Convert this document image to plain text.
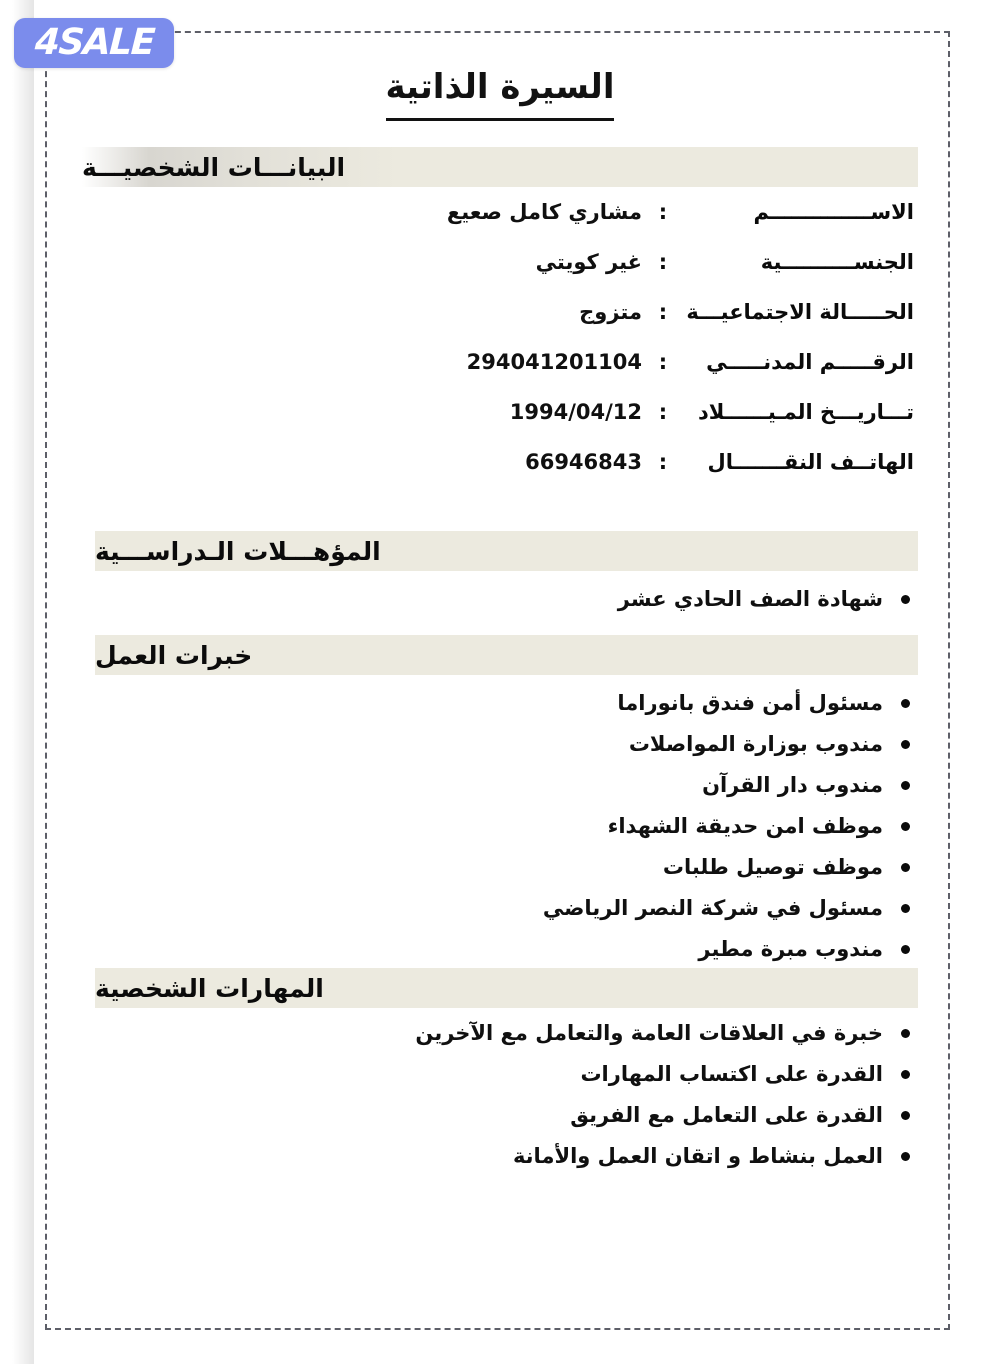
4SALE
السيرة الذاتية
البيانـــات الشخصيـــة
الاســــــــــــــم
:
مشاري كامل صعيع
الجنســــــــــية
:
غير كويتي
الحـــــالة الاجتماعيـــة
:
متزوج
الرقـــــم المدنـــــي
:
294041201104
تـــاريـــخ المـيــــــلاد
:
1994/04/12
الهاتــف النقـــــــال
:
66946843
المؤهـــلات الـدراســـية
شهادة الصف الحادي عشر
خبرات العمل
مسئول أمن فندق بانوراما
مندوب بوزارة المواصلات
مندوب دار القرآن
موظف امن حديقة الشهداء
موظف توصيل طلبات
مسئول في شركة النصر الرياضي
مندوب مبرة مطير
المهارات الشخصية
خبرة في العلاقات العامة والتعامل مع الآخرين
القدرة على اكتساب المهارات
القدرة على التعامل مع الفريق
العمل بنشاط و اتقان العمل والأمانة
